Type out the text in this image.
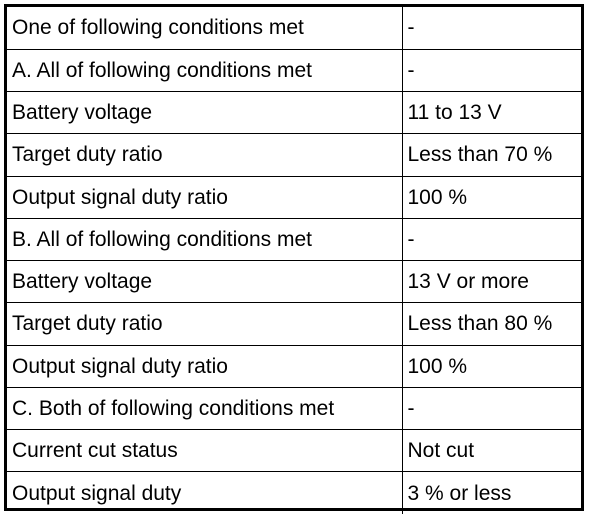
One of following conditions met	-
A. All of following conditions met	-
Battery voltage	11 to 13 V
Target duty ratio	Less than 70 %
Output signal duty ratio	100 %
B. All of following conditions met	-
Battery voltage	13 V or more
Target duty ratio	Less than 80 %
Output signal duty ratio	100 %
C. Both of following conditions met	-
Current cut status	Not cut
Output signal duty	3 % or less
